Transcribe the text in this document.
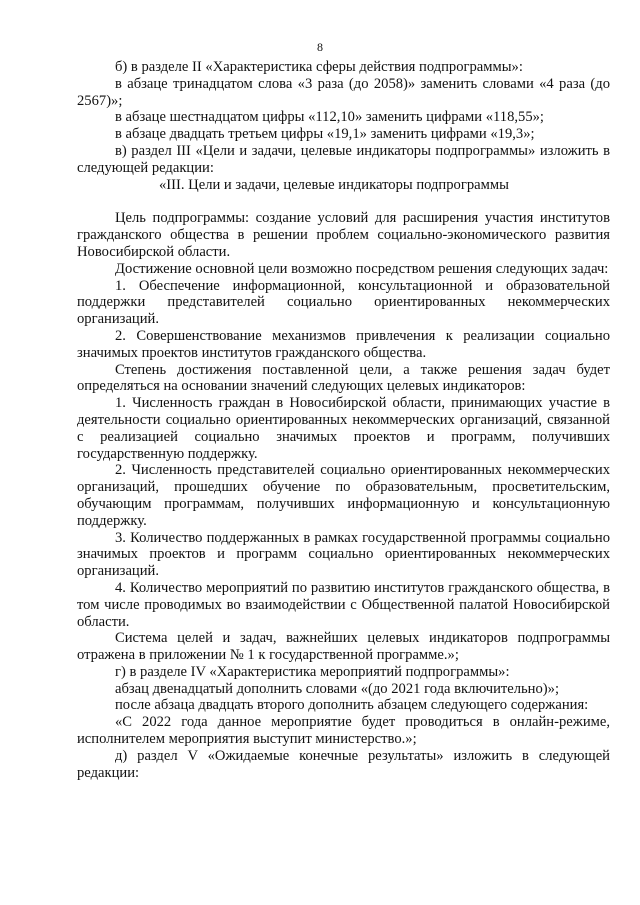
8

б) в разделе II «Характеристика сферы действия подпрограммы»:

в абзаце тринадцатом слова «3 раза (до 2058)» заменить словами «4 раза (до 2567)»;

в абзаце шестнадцатом цифры «112,10» заменить цифрами «118,55»;

в абзаце двадцать третьем цифры «19,1» заменить цифрами «19,3»;

в) раздел III «Цели и задачи, целевые индикаторы подпрограммы» изложить в следующей редакции:

«III. Цели и задачи, целевые индикаторы подпрограммы

Цель подпрограммы: создание условий для расширения участия институтов гражданского общества в решении проблем социально-экономического развития Новосибирской области.

Достижение основной цели возможно посредством решения следующих задач:

1. Обеспечение информационной, консультационной и образовательной поддержки представителей социально ориентированных некоммерческих организаций.

2. Совершенствование механизмов привлечения к реализации социально значимых проектов институтов гражданского общества.

Степень достижения поставленной цели, а также решения задач будет определяться на основании значений следующих целевых индикаторов:

1. Численность граждан в Новосибирской области, принимающих участие в деятельности социально ориентированных некоммерческих организаций, связанной с реализацией социально значимых проектов и программ, получивших государственную поддержку.

2. Численность представителей социально ориентированных некоммерческих организаций, прошедших обучение по образовательным, просветительским, обучающим программам, получивших информационную и консультационную поддержку.

3. Количество поддержанных в рамках государственной программы социально значимых проектов и программ социально ориентированных некоммерческих организаций.

4. Количество мероприятий по развитию институтов гражданского общества, в том числе проводимых во взаимодействии с Общественной палатой Новосибирской области.

Система целей и задач, важнейших целевых индикаторов подпрограммы отражена в приложении № 1 к государственной программе.»;

г) в разделе IV «Характеристика мероприятий подпрограммы»:

абзац двенадцатый дополнить словами «(до 2021 года включительно)»;

после абзаца двадцать второго дополнить абзацем следующего содержания:

«С 2022 года данное мероприятие будет проводиться в онлайн-режиме, исполнителем мероприятия выступит министерство.»;

д) раздел V «Ожидаемые конечные результаты» изложить в следующей редакции:
